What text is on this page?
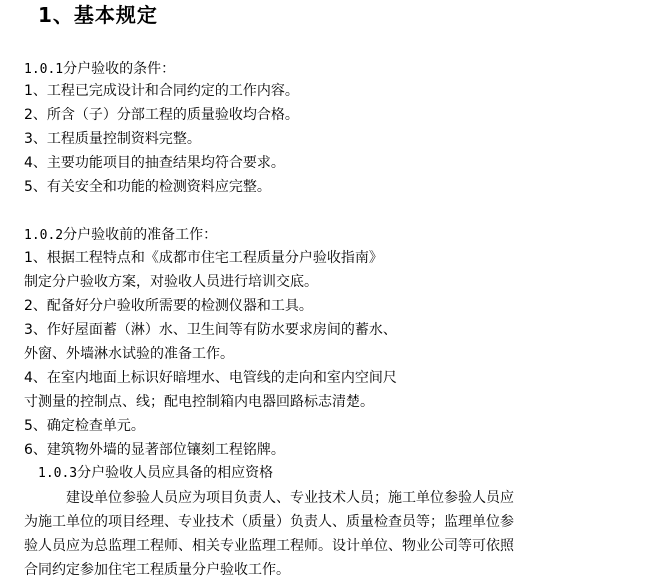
1、基本规定

1.0.1分户验收的条件：

1、工程已完成设计和合同约定的工作内容。

2、所含（子）分部工程的质量验收均合格。

3、工程质量控制资料完整。

4、主要功能项目的抽查结果均符合要求。

5、有关安全和功能的检测资料应完整。

1.0.2分户验收前的准备工作：

1、根据工程特点和《成都市住宅工程质量分户验收指南》

制定分户验收方案，对验收人员进行培训交底。

2、配备好分户验收所需要的检测仪器和工具。

3、作好屋面蓄（淋）水、卫生间等有防水要求房间的蓄水、

外窗、外墙淋水试验的准备工作。

4、在室内地面上标识好暗埋水、电管线的走向和室内空间尺

寸测量的控制点、线；配电控制箱内电器回路标志清楚。

5、确定检查单元。

6、建筑物外墙的显著部位镶刻工程铭牌。

1.0.3分户验收人员应具备的相应资格

建设单位参验人员应为项目负责人、专业技术人员；施工单位参验人员应
为施工单位的项目经理、专业技术（质量）负责人、质量检查员等；监理单位参
验人员应为总监理工程师、相关专业监理工程师。设计单位、物业公司等可依照
合同约定参加住宅工程质量分户验收工作。
